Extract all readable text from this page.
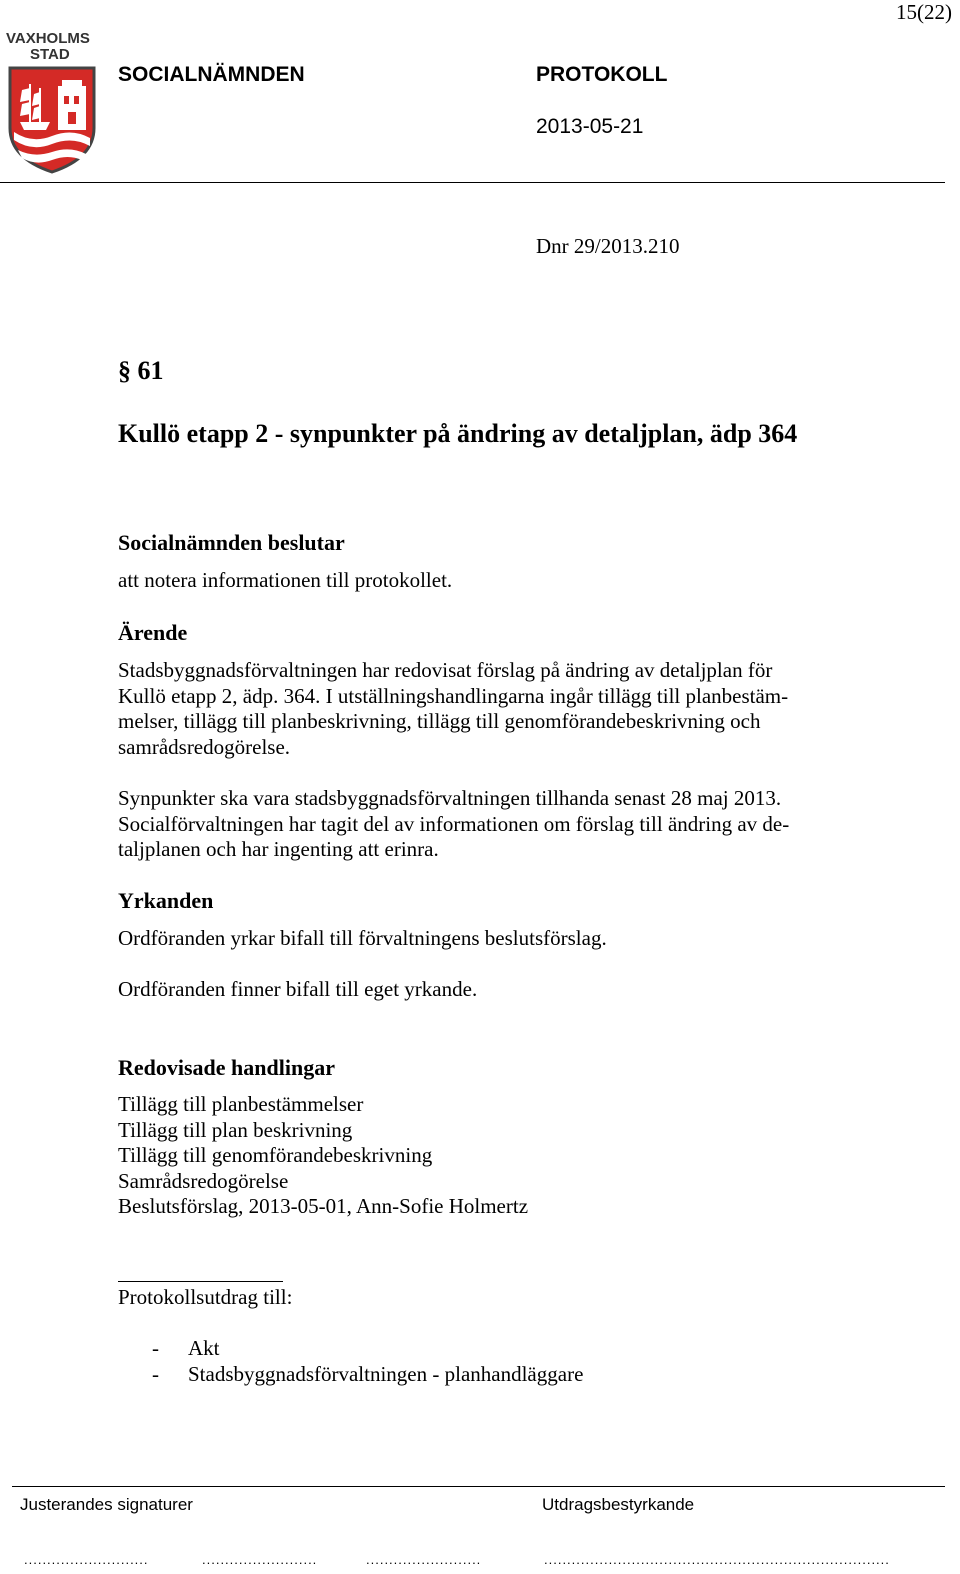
15(22)
VAXHOLMS
STAD
SOCIALNÄMNDEN	PROTOKOLL
2013-05-21
Dnr 29/2013.210
§ 61
Kullö etapp 2 - synpunkter på ändring av detaljplan, ädp 364
Socialnämnden beslutar
att notera informationen till protokollet.
Ärende
Stadsbyggnadsförvaltningen har redovisat förslag på ändring av detaljplan för
Kullö etapp 2, ädp. 364. I utställningshandlingarna ingår tillägg till planbestäm-
melser, tillägg till planbeskrivning, tillägg till genomförandebeskrivning och
samrådsredogörelse.
Synpunkter ska vara stadsbyggnadsförvaltningen tillhanda senast 28 maj 2013.
Socialförvaltningen har tagit del av informationen om förslag till ändring av de-
taljplanen och har ingenting att erinra.
Yrkanden
Ordföranden yrkar bifall till förvaltningens beslutsförslag.
Ordföranden finner bifall till eget yrkande.
Redovisade handlingar
Tillägg till planbestämmelser
Tillägg till plan beskrivning
Tillägg till genomförandebeskrivning
Samrådsredogörelse
Beslutsförslag, 2013-05-01, Ann-Sofie Holmertz
Protokollsutdrag till:
- Akt
- Stadsbyggnadsförvaltningen - planhandläggare
Justerandes signaturer	Utdragsbestyrkande
...........................	.........................	.........................	...........................................................................
